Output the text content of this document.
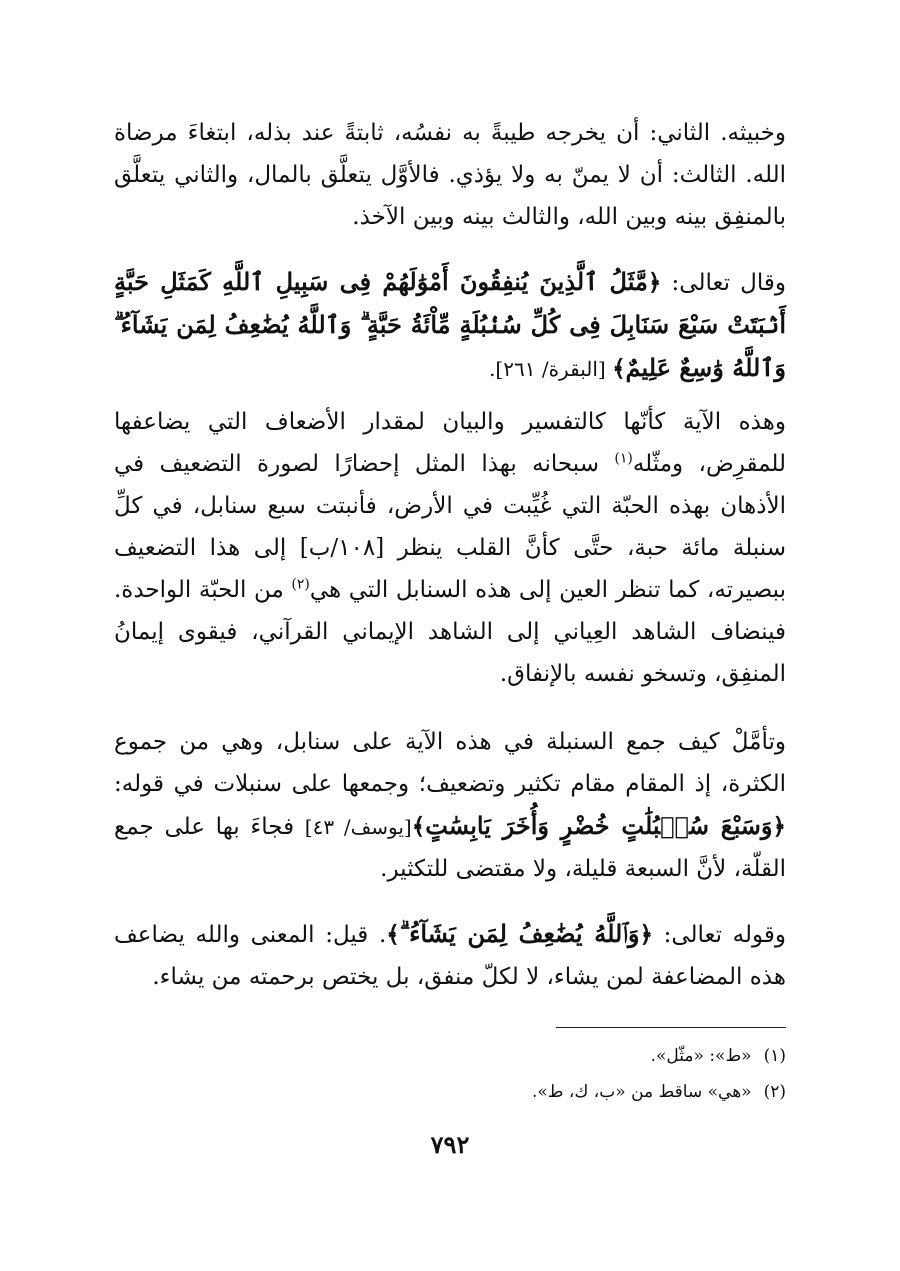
وخبيثه. الثاني: أن يخرجه طيبةً به نفسُه، ثابتةً عند بذله، ابتغاءَ مرضاة الله. الثالث: أن لا يمنّ به ولا يؤذي. فالأوَّل يتعلَّق بالمال، والثاني يتعلَّق بالمنفِق بينه وبين الله، والثالث بينه وبين الآخذ.

وقال تعالى: ﴿مَّثَلُ ٱلَّذِينَ يُنفِقُونَ أَمْوَٰلَهُمْ فِى سَبِيلِ ٱللَّهِ كَمَثَلِ حَبَّةٍ أَنۢبَتَتْ سَبْعَ سَنَابِلَ فِى كُلِّ سُنۢبُلَةٍ مِّاْئَةُ حَبَّةٍ ۗ وَٱللَّهُ يُضَٰعِفُ لِمَن يَشَآءُ ۗ وَٱللَّهُ وَٰسِعٌ عَلِيمٌ﴾ [البقرة/ ٢٦١].

وهذه الآية كأنّها كالتفسير والبيان لمقدار الأضعاف التي يضاعفها للمقرِض، ومثّله$^{(١)}$ سبحانه بهذا المثل إحضارًا لصورة التضعيف في الأذهان بهذه الحبّة التي غُيِّبت في الأرض، فأنبتت سبع سنابل، في كلِّ سنبلة مائة حبة، حتَّى كأنَّ القلب ينظر [١٠٨/ب] إلى هذا التضعيف ببصيرته، كما تنظر العين إلى هذه السنابل التي هي$^{(٢)}$ من الحبّة الواحدة. فينضاف الشاهد العِياني إلى الشاهد الإيماني القرآني، فيقوى إيمانُ المنفِق، وتسخو نفسه بالإنفاق.

وتأمَّلْ كيف جمع السنبلة في هذه الآية على سنابل، وهي من جموع الكثرة، إذ المقام مقام تكثير وتضعيف؛ وجمعها على سنبلات في قوله: ﴿وَسَبْعَ سُنۢبُلَٰتٍ خُضْرٍ وَأُخَرَ يَابِسَٰتٍ﴾[يوسف/ ٤٣] فجاءَ بها على جمع القلّة، لأنَّ السبعة قليلة، ولا مقتضى للتكثير.

وقوله تعالى: ﴿وَٱللَّهُ يُضَٰعِفُ لِمَن يَشَآءُ ۗ﴾. قيل: المعنى والله يضاعف هذه المضاعفة لمن يشاء، لا لكلّ منفق، بل يختص برحمته من يشاء.

(١)«ط»: «مثّل».

(٢)«هي» ساقط من «ب، ك، ط».

٧٩٢
